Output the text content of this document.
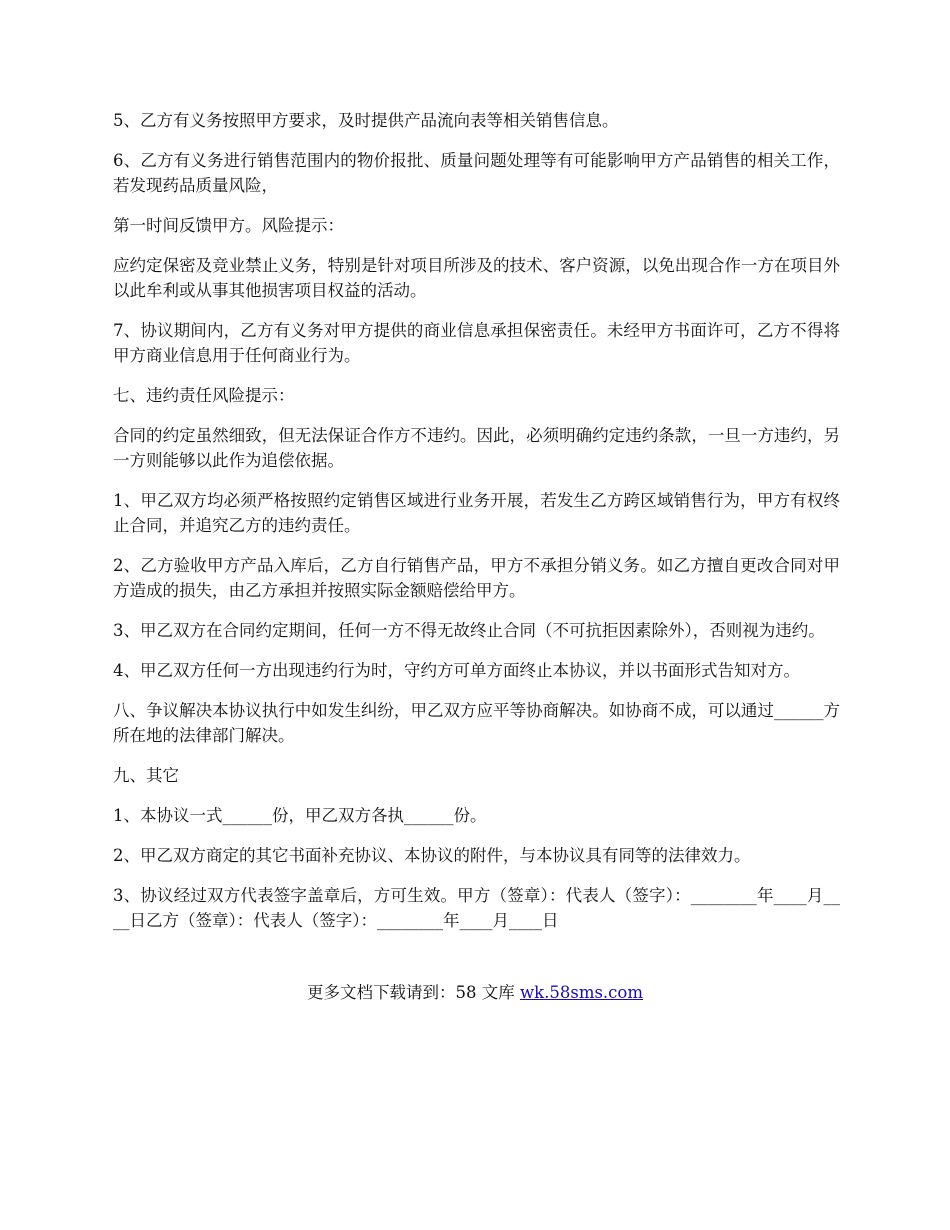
5、乙方有义务按照甲方要求，及时提供产品流向表等相关销售信息。

6、乙方有义务进行销售范围内的物价报批、质量问题处理等有可能影响甲方产品销售的相关工作，若发现药品质量风险，

第一时间反馈甲方。风险提示：

应约定保密及竞业禁止义务，特别是针对项目所涉及的技术、客户资源，以免出现合作一方在项目外以此牟利或从事其他损害项目权益的活动。

7、协议期间内，乙方有义务对甲方提供的商业信息承担保密责任。未经甲方书面许可，乙方不得将甲方商业信息用于任何商业行为。

七、违约责任风险提示：

合同的约定虽然细致，但无法保证合作方不违约。因此，必须明确约定违约条款，一旦一方违约，另一方则能够以此作为追偿依据。

1、甲乙双方均必须严格按照约定销售区域进行业务开展，若发生乙方跨区域销售行为，甲方有权终止合同，并追究乙方的违约责任。

2、乙方验收甲方产品入库后，乙方自行销售产品，甲方不承担分销义务。如乙方擅自更改合同对甲方造成的损失，由乙方承担并按照实际金额赔偿给甲方。

3、甲乙双方在合同约定期间，任何一方不得无故终止合同（不可抗拒因素除外），否则视为违约。

4、甲乙双方任何一方出现违约行为时，守约方可单方面终止本协议，并以书面形式告知对方。

八、争议解决本协议执行中如发生纠纷，甲乙双方应平等协商解决。如协商不成，可以通过______方所在地的法律部门解决。

九、其它

1、本协议一式______份，甲乙双方各执______份。

2、甲乙双方商定的其它书面补充协议、本协议的附件，与本协议具有同等的法律效力。

3、协议经过双方代表签字盖章后，方可生效。甲方（签章）：代表人（签字）：________年____月____日乙方（签章）：代表人（签字）：________年____月____日

更多文档下载请到：58 文库 wk.58sms.com
